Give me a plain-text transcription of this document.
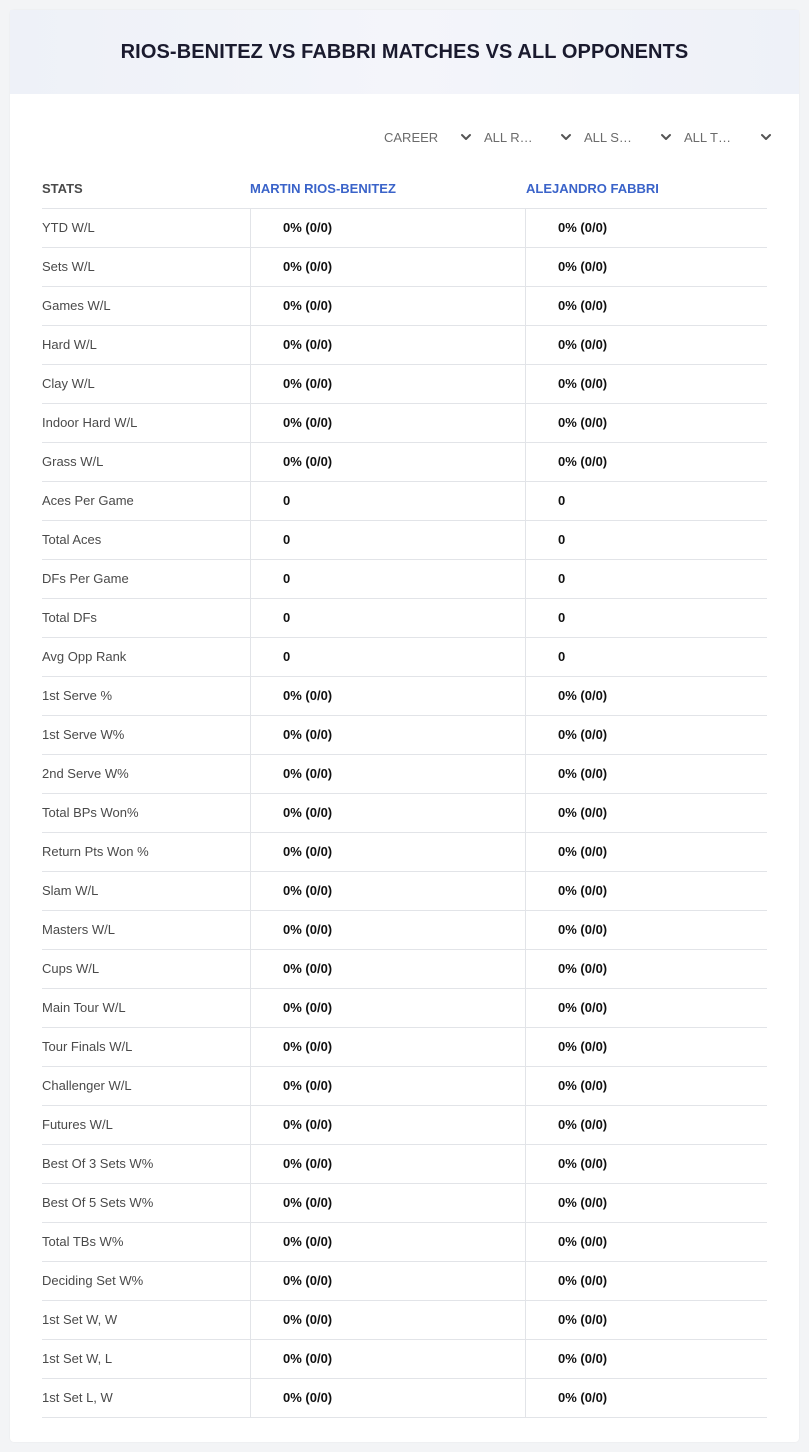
RIOS-BENITEZ VS FABBRI MATCHES VS ALL OPPONENTS
CAREER	ALL R…	ALL S…	ALL T…
STATS	MARTIN RIOS-BENITEZ	ALEJANDRO FABBRI
YTD W/L	0% (0/0)	0% (0/0)
Sets W/L	0% (0/0)	0% (0/0)
Games W/L	0% (0/0)	0% (0/0)
Hard W/L	0% (0/0)	0% (0/0)
Clay W/L	0% (0/0)	0% (0/0)
Indoor Hard W/L	0% (0/0)	0% (0/0)
Grass W/L	0% (0/0)	0% (0/0)
Aces Per Game	0	0
Total Aces	0	0
DFs Per Game	0	0
Total DFs	0	0
Avg Opp Rank	0	0
1st Serve %	0% (0/0)	0% (0/0)
1st Serve W%	0% (0/0)	0% (0/0)
2nd Serve W%	0% (0/0)	0% (0/0)
Total BPs Won%	0% (0/0)	0% (0/0)
Return Pts Won %	0% (0/0)	0% (0/0)
Slam W/L	0% (0/0)	0% (0/0)
Masters W/L	0% (0/0)	0% (0/0)
Cups W/L	0% (0/0)	0% (0/0)
Main Tour W/L	0% (0/0)	0% (0/0)
Tour Finals W/L	0% (0/0)	0% (0/0)
Challenger W/L	0% (0/0)	0% (0/0)
Futures W/L	0% (0/0)	0% (0/0)
Best Of 3 Sets W%	0% (0/0)	0% (0/0)
Best Of 5 Sets W%	0% (0/0)	0% (0/0)
Total TBs W%	0% (0/0)	0% (0/0)
Deciding Set W%	0% (0/0)	0% (0/0)
1st Set W, W	0% (0/0)	0% (0/0)
1st Set W, L	0% (0/0)	0% (0/0)
1st Set L, W	0% (0/0)	0% (0/0)
